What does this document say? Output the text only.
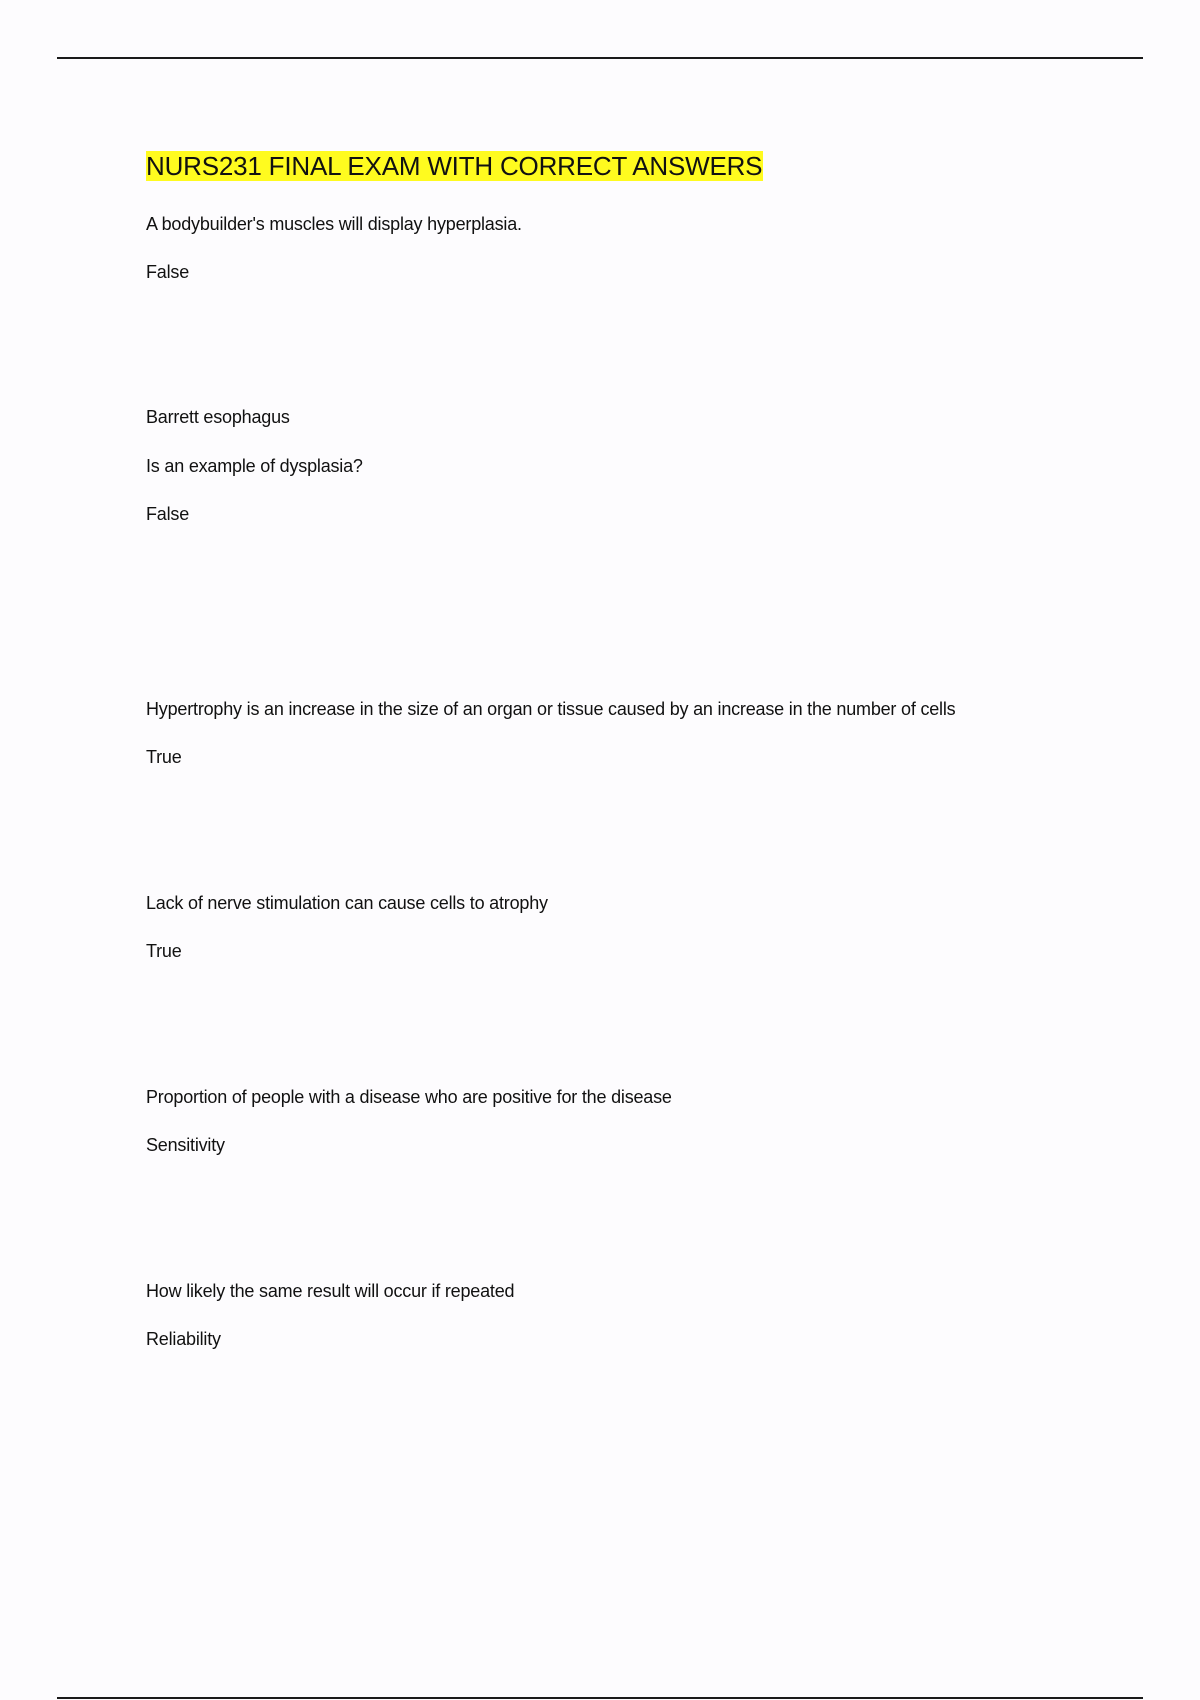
NURS231 FINAL EXAM WITH CORRECT ANSWERS

A bodybuilder's muscles will display hyperplasia.

False

Barrett esophagus

Is an example of dysplasia?

False

Hypertrophy is an increase in the size of an organ or tissue caused by an increase in the number of cells

True

Lack of nerve stimulation can cause cells to atrophy

True

Proportion of people with a disease who are positive for the disease

Sensitivity

How likely the same result will occur if repeated

Reliability
